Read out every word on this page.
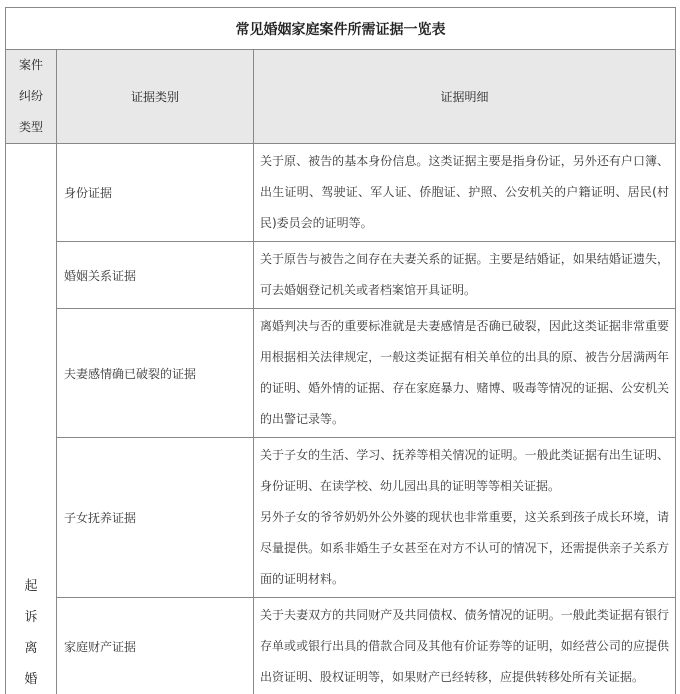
常见婚姻家庭案件所需证据一览表		

案件
纠纷
类型	证据类别	证据明细

起
诉
离
婚	身份证据	关于原、被告的基本身份信息。这类证据主要是指身份证，另外还有户口簿、出生证明、驾驶证、军人证、侨胞证、护照、公安机关的户籍证明、居民(村民)委员会的证明等。

	婚姻关系证据	关于原告与被告之间存在夫妻关系的证据。主要是结婚证，如果结婚证遗失，可去婚姻登记机关或者档案馆开具证明。

	夫妻感情确已破裂的证据	离婚判决与否的重要标准就是夫妻感情是否确已破裂，因此这类证据非常重要用根据相关法律规定，一般这类证据有相关单位的出具的原、被告分居满两年的证明、婚外情的证据、存在家庭暴力、赌博、吸毒等情况的证据、公安机关的出警记录等。

	子女抚养证据	关于子女的生活、学习、抚养等相关情况的证明。一般此类证据有出生证明、身份证明、在读学校、幼儿园出具的证明等等相关证据。

另外子女的爷爷奶奶外公外婆的现状也非常重要，这关系到孩子成长环境，请尽量提供。如系非婚生子女甚至在对方不认可的情况下，还需提供亲子关系方面的证明材料。

	家庭财产证据	关于夫妻双方的共同财产及共同债权、债务情况的证明。一般此类证据有银行存单或或银行出具的借款合同及其他有价证券等的证明，如经营公司的应提供出资证明、股权证明等，如果财产已经转移，应提供转移处所有关证据。
